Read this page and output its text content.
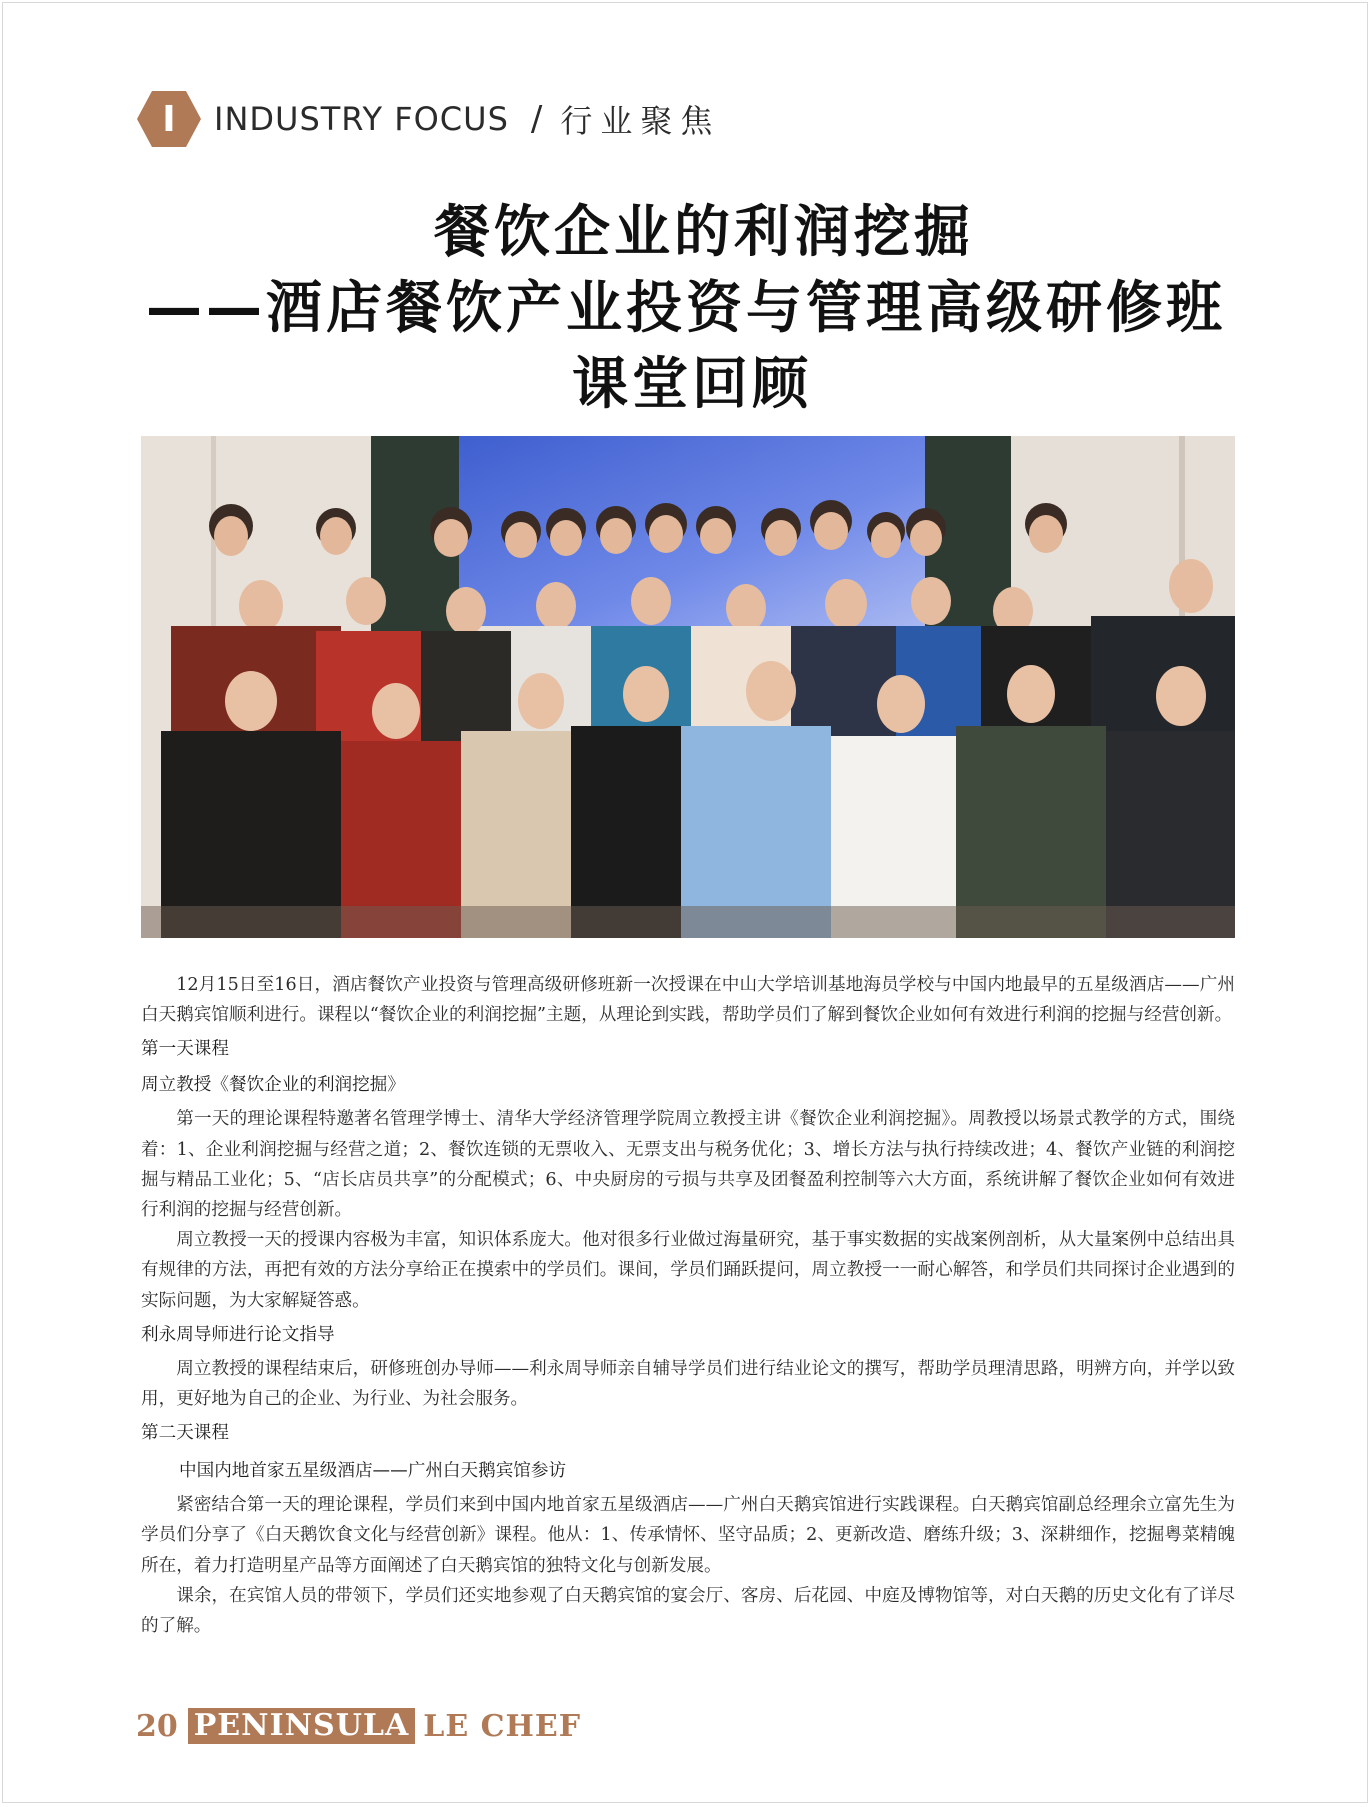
I	INDUSTRY FOCUS / 行业聚焦
餐饮企业的利润挖掘
——酒店餐饮产业投资与管理高级研修班
课堂回顾

12月15日至16日，酒店餐饮产业投资与管理高级研修班新一次授课在中山大学培训基地海员学校与中国内地最早的五星级酒店——广州白天鹅宾馆顺利进行。课程以“餐饮企业的利润挖掘”主题，从理论到实践，帮助学员们了解到餐饮企业如何有效进行利润的挖掘与经营创新。

第一天课程
周立教授《餐饮企业的利润挖掘》

第一天的理论课程特邀著名管理学博士、清华大学经济管理学院周立教授主讲《餐饮企业利润挖掘》。周教授以场景式教学的方式，围绕着：1、企业利润挖掘与经营之道；2、餐饮连锁的无票收入、无票支出与税务优化；3、增长方法与执行持续改进；4、餐饮产业链的利润挖掘与精品工业化；5、“店长店员共享”的分配模式；6、中央厨房的亏损与共享及团餐盈利控制等六大方面，系统讲解了餐饮企业如何有效进行利润的挖掘与经营创新。

周立教授一天的授课内容极为丰富，知识体系庞大。他对很多行业做过海量研究，基于事实数据的实战案例剖析，从大量案例中总结出具有规律的方法，再把有效的方法分享给正在摸索中的学员们。课间，学员们踊跃提问，周立教授一一耐心解答，和学员们共同探讨企业遇到的实际问题，为大家解疑答惑。

利永周导师进行论文指导

周立教授的课程结束后，研修班创办导师——利永周导师亲自辅导学员们进行结业论文的撰写，帮助学员理清思路，明辨方向，并学以致用，更好地为自己的企业、为行业、为社会服务。

第二天课程
中国内地首家五星级酒店——广州白天鹅宾馆参访

紧密结合第一天的理论课程，学员们来到中国内地首家五星级酒店——广州白天鹅宾馆进行实践课程。白天鹅宾馆副总经理余立富先生为学员们分享了《白天鹅饮食文化与经营创新》课程。他从：1、传承情怀、坚守品质；2、更新改造、磨练升级；3、深耕细作，挖掘粤菜精魄所在，着力打造明星产品等方面阐述了白天鹅宾馆的独特文化与创新发展。

课余，在宾馆人员的带领下，学员们还实地参观了白天鹅宾馆的宴会厅、客房、后花园、中庭及博物馆等，对白天鹅的历史文化有了详尽的了解。

20 PENINSULA LE CHEF
